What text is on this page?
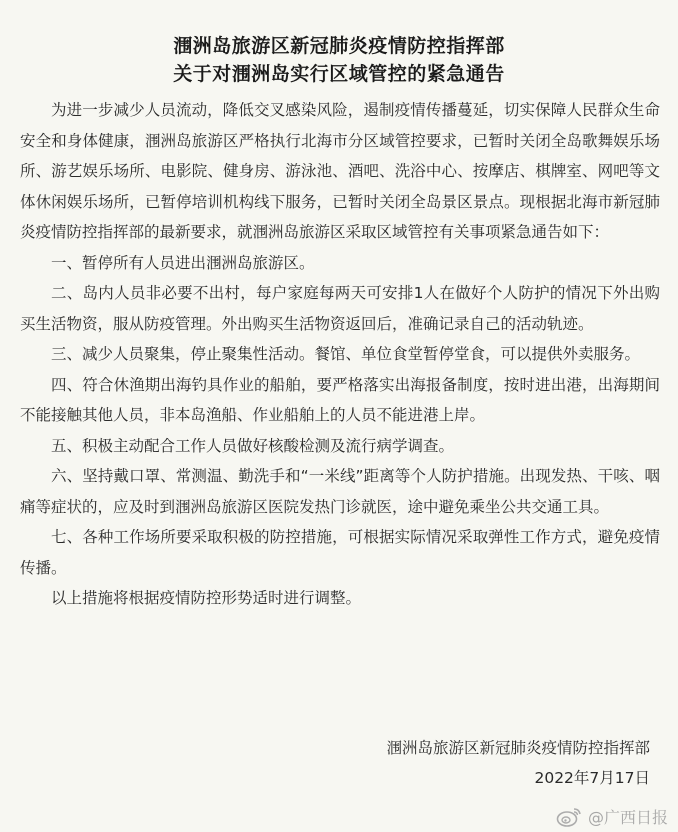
涠洲岛旅游区新冠肺炎疫情防控指挥部
关于对涠洲岛实行区域管控的紧急通告

为进一步减少人员流动，降低交叉感染风险，遏制疫情传播蔓延，切实保障人民群众生命安全和身体健康，涠洲岛旅游区严格执行北海市分区域管控要求，已暂时关闭全岛歌舞娱乐场所、游艺娱乐场所、电影院、健身房、游泳池、酒吧、洗浴中心、按摩店、棋牌室、网吧等文体休闲娱乐场所，已暂停培训机构线下服务，已暂时关闭全岛景区景点。现根据北海市新冠肺炎疫情防控指挥部的最新要求，就涠洲岛旅游区采取区域管控有关事项紧急通告如下：

一、暂停所有人员进出涠洲岛旅游区。

二、岛内人员非必要不出村，每户家庭每两天可安排1人在做好个人防护的情况下外出购买生活物资，服从防疫管理。外出购买生活物资返回后，准确记录自己的活动轨迹。

三、减少人员聚集，停止聚集性活动。餐馆、单位食堂暂停堂食，可以提供外卖服务。

四、符合休渔期出海钓具作业的船舶，要严格落实出海报备制度，按时进出港，出海期间不能接触其他人员，非本岛渔船、作业船舶上的人员不能进港上岸。

五、积极主动配合工作人员做好核酸检测及流行病学调查。

六、坚持戴口罩、常测温、勤洗手和“一米线”距离等个人防护措施。出现发热、干咳、咽痛等症状的，应及时到涠洲岛旅游区医院发热门诊就医，途中避免乘坐公共交通工具。

七、各种工作场所要采取积极的防控措施，可根据实际情况采取弹性工作方式，避免疫情传播。

以上措施将根据疫情防控形势适时进行调整。

涠洲岛旅游区新冠肺炎疫情防控指挥部
2022年7月17日
@广西日报
